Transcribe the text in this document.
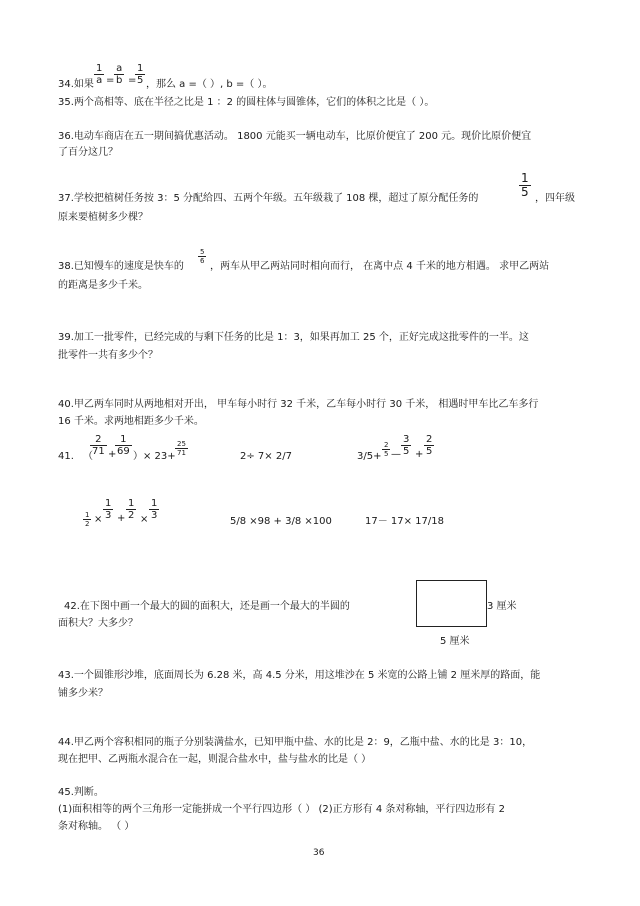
34.如果 $\frac{1}{a} = \frac{a}{b}$ =
$\frac{1}{5}$ ，那么 a =（ ）, b =（ ）。
35.两个高相等、底在半径之比是 1 ：2 的圆柱体与圆锥体，它们的体积之比是（ ）。
36.电动车商店在五一期间搞优惠活动。 1800 元能买一辆电动车，比原价便宜了 200 元。现价比原价便宜
了百分这几？
37.学校把植树任务按 3：5 分配给四、五两个年级。五年级栽了 108 棵，超过了原分配任务的	$\frac{1}{5}$ ，四年级
原来要植树多少棵？
38.已知慢车的速度是快车的
$\frac{5}{6}$
，两车从甲乙两站同时相向而行， 在离中点 4 千米的地方相遇。 求甲乙两站
的距离是多少千米。
39.加工一批零件，已经完成的与剩下任务的比是 1：3，如果再加工 25 个，正好完成这批零件的一半。这
批零件一共有多少个？
40.甲乙两车同时从两地相对开出， 甲车每小时行 32 千米，乙车每小时行 30 千米， 相遇时甲车比乙车多行
16 千米。求两地相距多少千米。
41. （
$\frac{2}{71}$ +
$\frac{1}{69}$ ）× $23+ \frac{25}{71}$	2÷ 7× 2/7	$3/5+ \frac{2}{5}$ — $\frac{3}{5} + \frac{2}{5}$
$\frac{1}{2} \times \frac{1}{3} + \frac{1}{2} \times \frac{1}{3}$
5/8 ×98 + 3/8 ×100	17－ 17× 17/18
42.在下图中画一个最大的圆的面积大，还是画一个最大的半圆的
面积大？大多少？
3 厘米
5 厘米
43.一个圆锥形沙堆，底面周长为 6.28 米，高 4.5 分米，用这堆沙在 5 米宽的公路上铺 2 厘米厚的路面，能
铺多少米？
44.甲乙两个容积相同的瓶子分别装满盐水，已知甲瓶中盐、水的比是 2：9，乙瓶中盐、水的比是 3：10，
现在把甲、乙两瓶水混合在一起，则混合盐水中，盐与盐水的比是（ ）
45.判断。
(1)面积相等的两个三角形一定能拼成一个平行四边形（ ） (2)正方形有 4 条对称轴，平行四边形有 2
条对称轴。 （ ）
36
